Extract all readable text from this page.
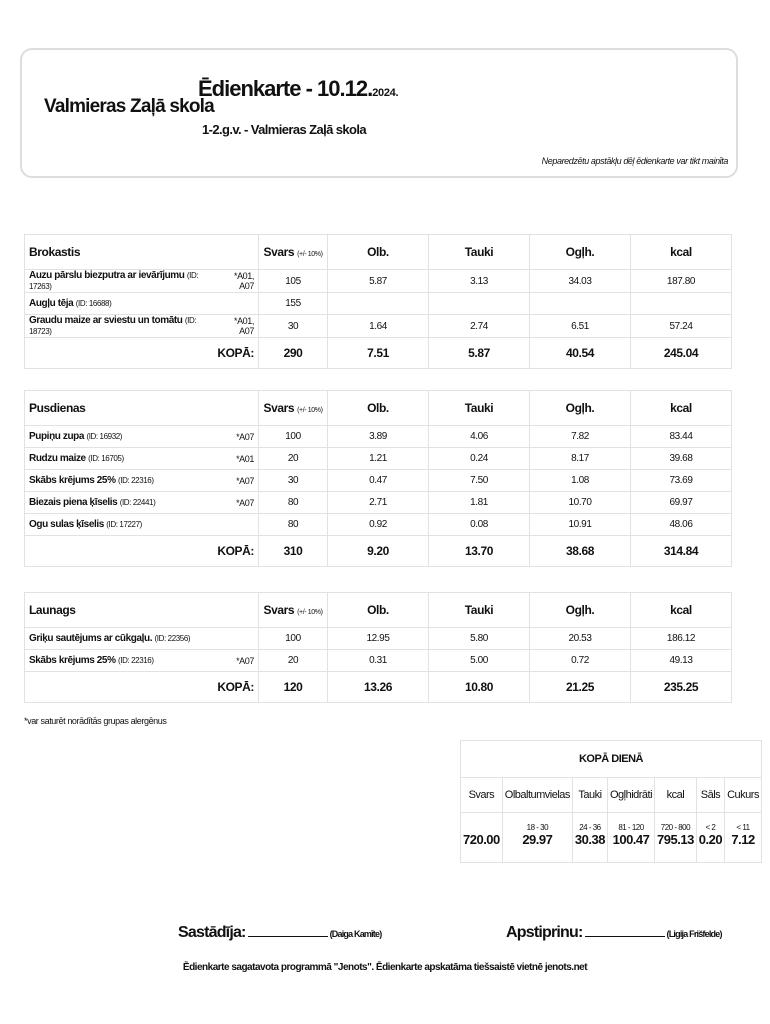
Valmieras Zaļā skola
Ēdienkarte - 10.12.2024.
1-2.g.v. - Valmieras Zaļā skola
Neparedzētu apstākļu dēļ ēdienkarte var tikt mainīta
Brokastis		Svars (+/- 10%)	Olb.	Tauki	Ogļh.	kcal
Auzu pārslu biezputra ar ievārījumu (ID: 17263)	*A01, A07	105	5.87	3.13	34.03	187.80
Augļu tēja (ID: 16688)		155				
Graudu maize ar sviestu un tomātu (ID: 18723)	*A01, A07	30	1.64	2.74	6.51	57.24
KOPĀ:		290	7.51	5.87	40.54	245.04
Pusdienas		Svars (+/- 10%)	Olb.	Tauki	Ogļh.	kcal
Pupiņu zupa (ID: 16932)	*A07	100	3.89	4.06	7.82	83.44
Rudzu maize (ID: 16705)	*A01	20	1.21	0.24	8.17	39.68
Skābs krējums 25% (ID: 22316)	*A07	30	0.47	7.50	1.08	73.69
Biezais piena ķīselis (ID: 22441)	*A07	80	2.71	1.81	10.70	69.97
Ogu sulas ķīselis (ID: 17227)		80	0.92	0.08	10.91	48.06
KOPĀ:		310	9.20	13.70	38.68	314.84
Launags		Svars (+/- 10%)	Olb.	Tauki	Ogļh.	kcal
Griķu sautējums ar cūkgaļu. (ID: 22356)		100	12.95	5.80	20.53	186.12
Skābs krējums 25% (ID: 22316)	*A07	20	0.31	5.00	0.72	49.13
KOPĀ:		120	13.26	10.80	21.25	235.25
*var saturēt norādītās grupas alergēnus
KOPĀ DIENĀ						
Svars	Olbaltumvielas	Tauki	Ogļhidrāti	kcal	Sāls	Cukurs
	18 - 30	24 - 36	81 - 120	720 - 800	< 2	< 11
720.00	29.97	30.38	100.47	795.13	0.20	7.12
Sastādīja:	(Daiga Kamīte)	Apstiprinu:	(Ligija Frišfelde)
Ēdienkarte sagatavota programmā "Jenots". Ēdienkarte apskatāma tiešsaistē vietnē jenots.net
